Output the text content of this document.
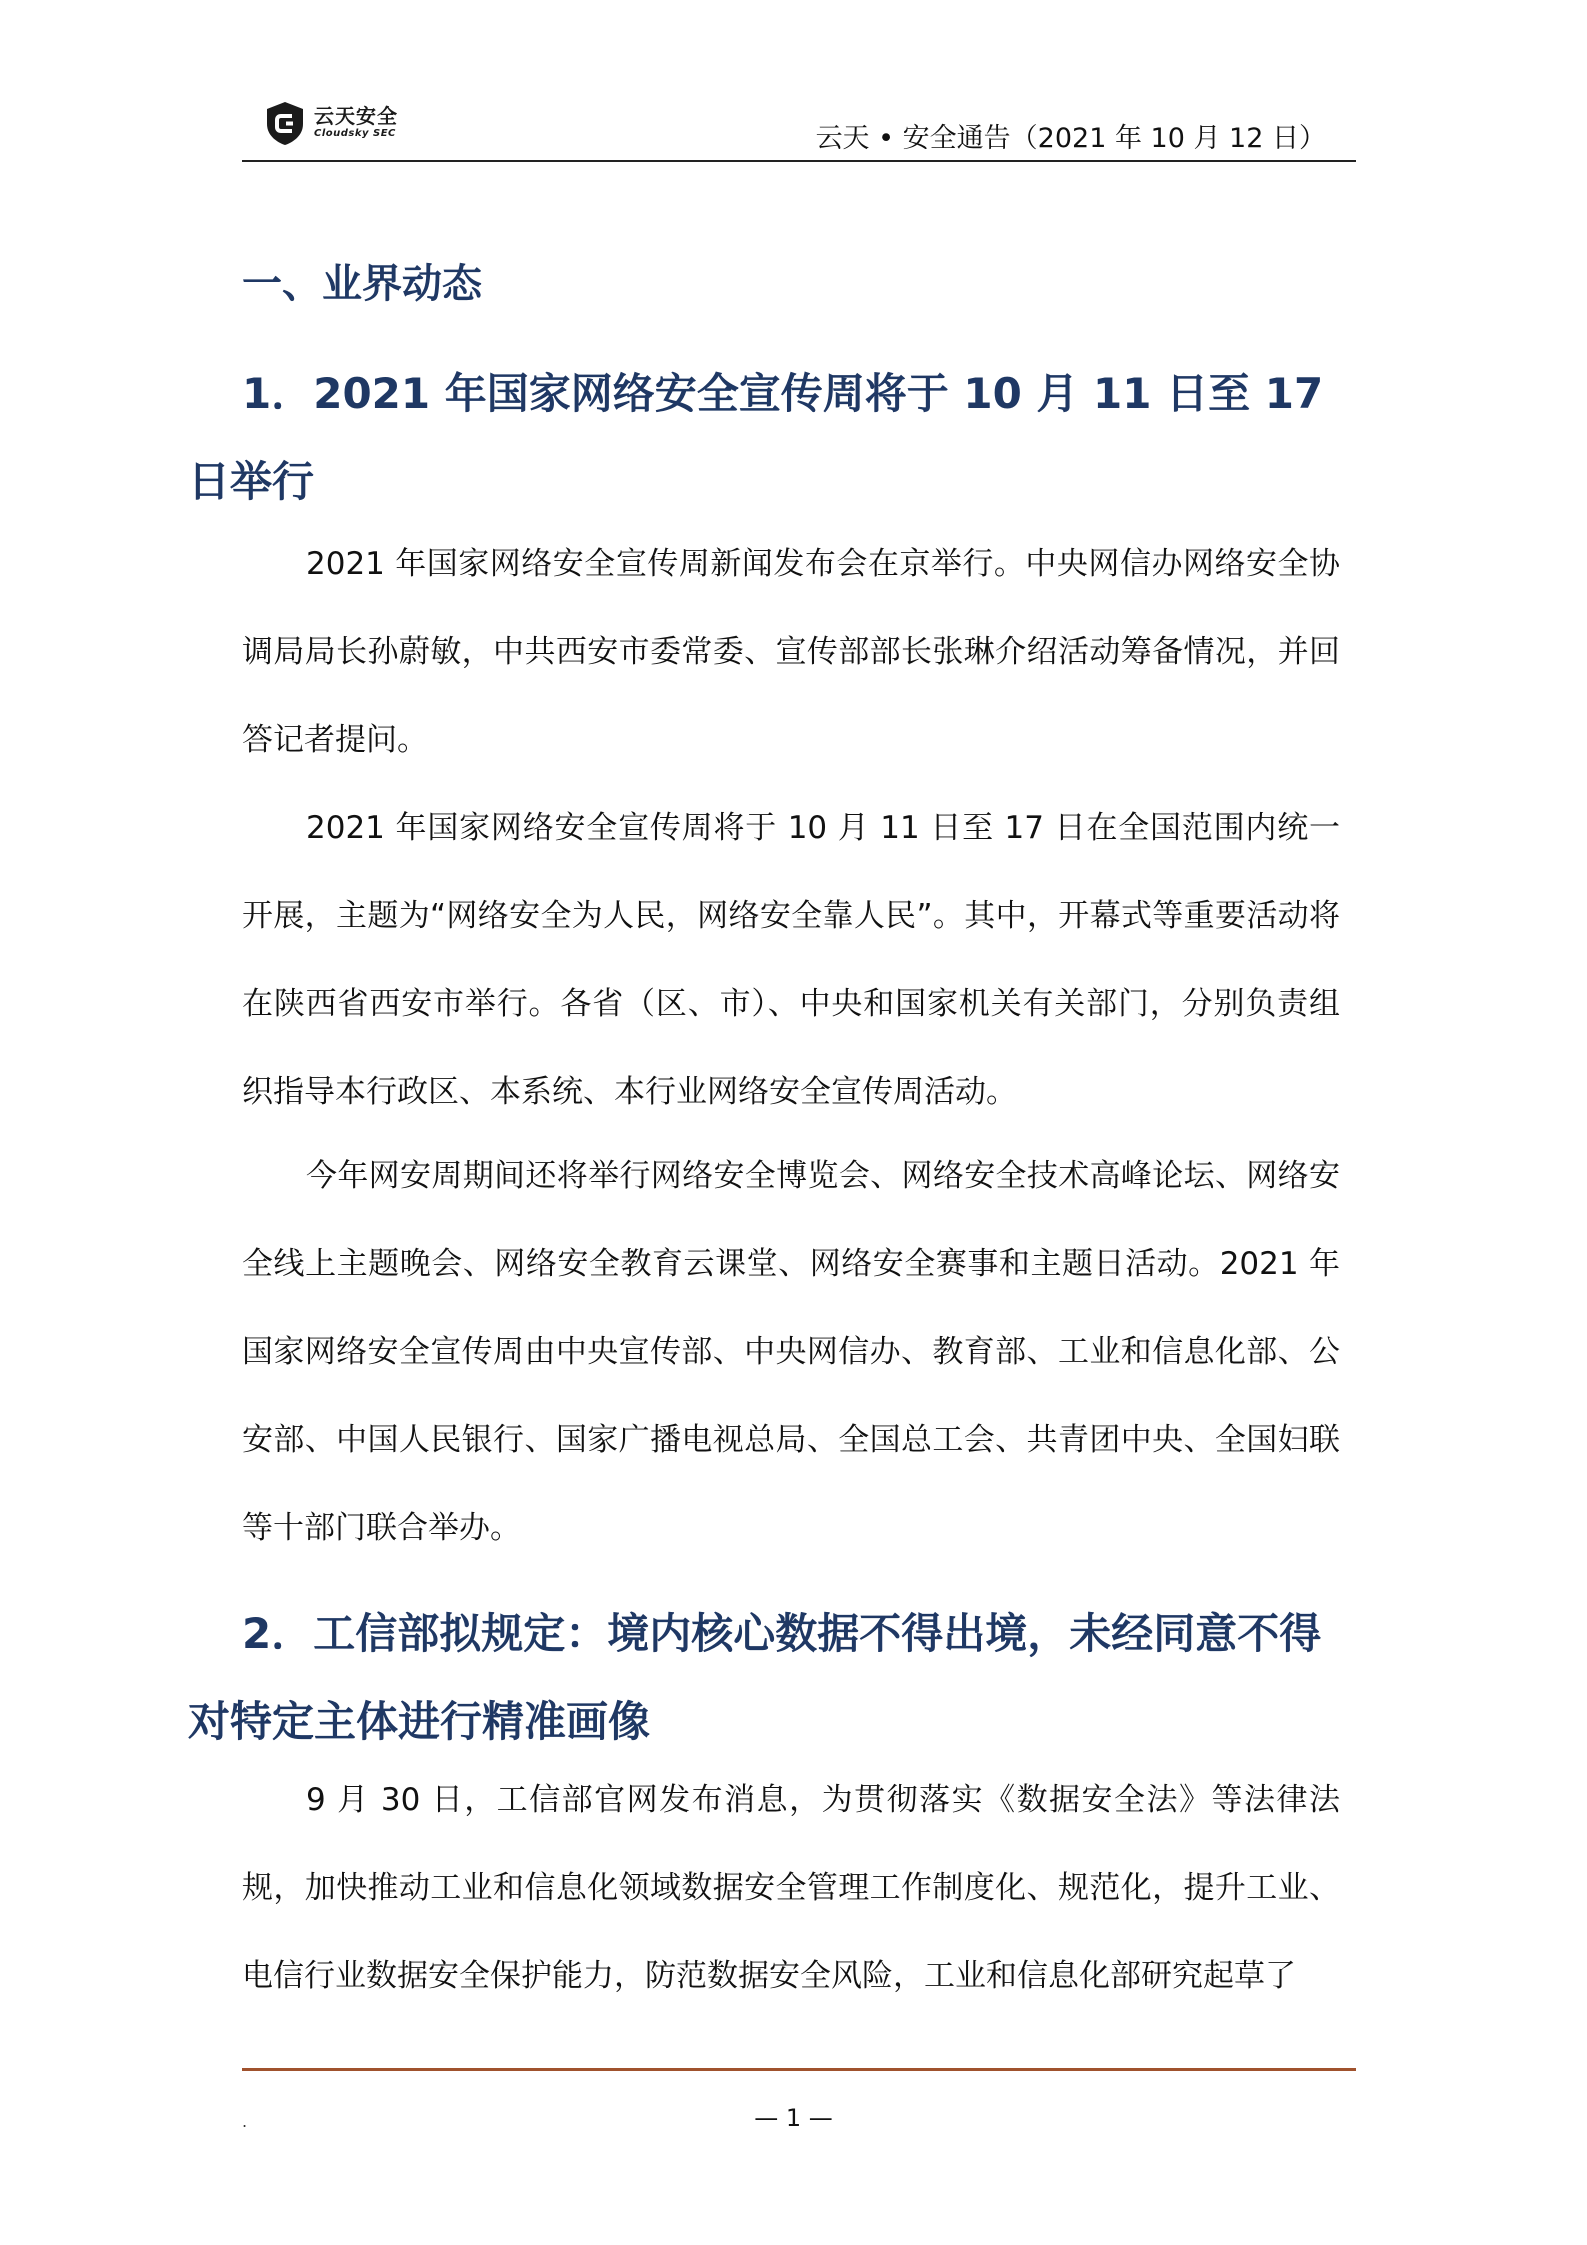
云天安全
Cloudsky SEC	云天 • 安全通告（2021 年 10 月 12 日）
一、业界动态
1．2021 年国家网络安全宣传周将于 10 月 11 日至 17 日举行

2021 年国家网络安全宣传周新闻发布会在京举行。中央网信办网络安全协调局局长孙蔚敏，中共西安市委常委、宣传部部长张琳介绍活动筹备情况，并回答记者提问。

2021 年国家网络安全宣传周将于 10 月 11 日至 17 日在全国范围内统一开展，主题为“网络安全为人民，网络安全靠人民”。其中，开幕式等重要活动将在陕西省西安市举行。各省（区、市）、中央和国家机关有关部门，分别负责组织指导本行政区、本系统、本行业网络安全宣传周活动。

今年网安周期间还将举行网络安全博览会、网络安全技术高峰论坛、网络安全线上主题晚会、网络安全教育云课堂、网络安全赛事和主题日活动。2021 年国家网络安全宣传周由中央宣传部、中央网信办、教育部、工业和信息化部、公安部、中国人民银行、国家广播电视总局、全国总工会、共青团中央、全国妇联等十部门联合举办。

2．工信部拟规定：境内核心数据不得出境，未经同意不得对特定主体进行精准画像

9 月 30 日，工信部官网发布消息，为贯彻落实《数据安全法》等法律法规，加快推动工业和信息化领域数据安全管理工作制度化、规范化，提升工业、电信行业数据安全保护能力，防范数据安全风险，工业和信息化部研究起草了

.	— 1 —
